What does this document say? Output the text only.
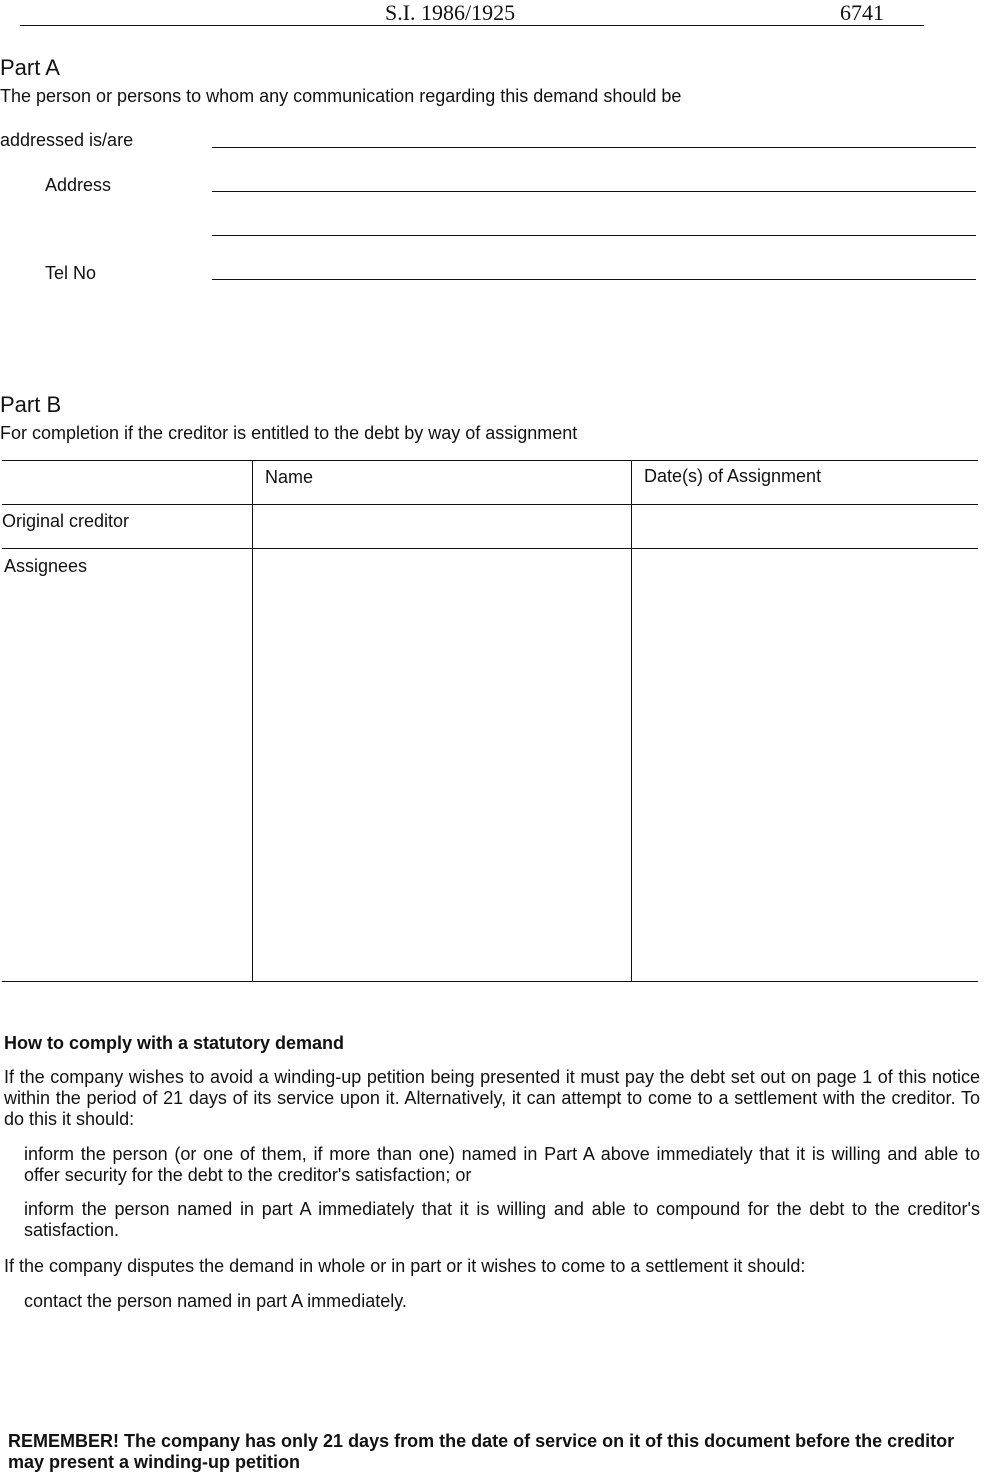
S.I. 1986/1925	6741
Part A
The person or persons to whom any communication regarding this demand should be
addressed is/are
Address
Tel No
Part B
For completion if the creditor is entitled to the debt by way of assignment
Name	Date(s) of Assignment
Original creditor
Assignees
How to comply with a statutory demand
If the company wishes to avoid a winding-up petition being presented it must pay the debt set out on page 1 of this notice within the period of 21 days of its service upon it. Alternatively, it can attempt to come to a settlement with the creditor. To do this it should:
inform the person (or one of them, if more than one) named in Part A above immediately that it is willing and able to offer security for the debt to the creditor's satisfaction; or
inform the person named in part A immediately that it is willing and able to compound for the debt to the creditor's satisfaction.
If the company disputes the demand in whole or in part or it wishes to come to a settlement it should:
contact the person named in part A immediately.
REMEMBER! The company has only 21 days from the date of service on it of this document before the creditor may present a winding-up petition
